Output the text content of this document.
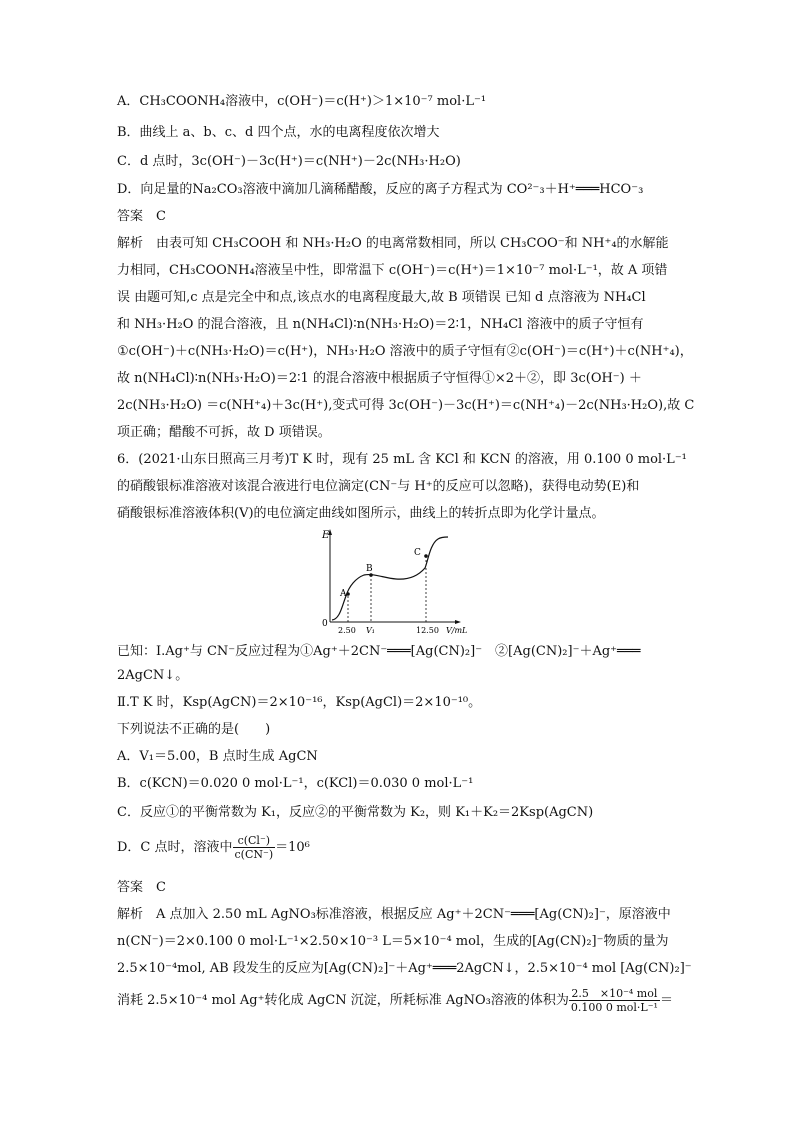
A．CH₃COONH₄溶液中，c(OH⁻)＝c(H⁺)＞1×10⁻⁷ mol·L⁻¹
B．曲线上 a、b、c、d 四个点，水的电离程度依次增大
C．d 点时，3c(OH⁻)－3c(H⁺)＝c(NH⁺)－2c(NH₃·H₂O)
D．向足量的Na₂CO₃溶液中滴加几滴稀醋酸，反应的离子方程式为 CO²⁻₃＋H⁺═══HCO⁻₃
答案　C
解析　由表可知 CH₃COOH 和 NH₃·H₂O 的电离常数相同，所以 CH₃COO⁻和 NH⁺₄的水解能
力相同，CH₃COONH₄溶液呈中性，即常温下 c(OH⁻)＝c(H⁺)＝1×10⁻⁷ mol·L⁻¹，故 A 项错
误 由题可知,c 点是完全中和点,该点水的电离程度最大,故 B 项错误 已知 d 点溶液为 NH₄Cl
和 NH₃·H₂O 的混合溶液，且 n(NH₄Cl)∶n(NH₃·H₂O)＝2∶1，NH₄Cl 溶液中的质子守恒有
①c(OH⁻)＋c(NH₃·H₂O)＝c(H⁺)，NH₃·H₂O 溶液中的质子守恒有②c(OH⁻)＝c(H⁺)＋c(NH⁺₄)，
故 n(NH₄Cl)∶n(NH₃·H₂O)＝2∶1 的混合溶液中根据质子守恒得①×2＋②，即 3c(OH⁻) ＋
2c(NH₃·H₂O) ＝c(NH⁺₄)＋3c(H⁺),变式可得 3c(OH⁻)－3c(H⁺)＝c(NH⁺₄)－2c(NH₃·H₂O),故 C
项正确；醋酸不可拆，故 D 项错误。
6．(2021·山东日照高三月考)T K 时，现有 25 mL 含 KCl 和 KCN 的溶液，用 0.100 0 mol·L⁻¹
的硝酸银标准溶液对该混合液进行电位滴定(CN⁻与 H⁺的反应可以忽略)，获得电动势(E)和
硝酸银标准溶液体积(V)的电位滴定曲线如图所示，曲线上的转折点即为化学计量点。
E
0
A
B
C
2.50 V₁	12.50 V/mL
已知：Ⅰ.Ag⁺与 CN⁻反应过程为①Ag⁺＋2CN⁻═══[Ag(CN)₂]⁻　②[Ag(CN)₂]⁻＋Ag⁺═══
2AgCN↓。
Ⅱ.T K 时，Ksp(AgCN)＝2×10⁻¹⁶，Ksp(AgCl)＝2×10⁻¹⁰。
下列说法不正确的是(　　)
A．V₁＝5.00，B 点时生成 AgCN
B．c(KCN)＝0.020 0 mol·L⁻¹，c(KCl)＝0.030 0 mol·L⁻¹
C．反应①的平衡常数为 K₁，反应②的平衡常数为 K₂，则 K₁＋K₂＝2Ksp(AgCN)
D．C 点时，溶液中 $\frac{c(Cl^-)}{c(CN^-)} =10^6$
答案　C
解析　A 点加入 2.50 mL AgNO₃标准溶液，根据反应 Ag⁺＋2CN⁻═══[Ag(CN)₂]⁻，原溶液中
n(CN⁻)＝2×0.100 0 mol·L⁻¹×2.50×10⁻³ L＝5×10⁻⁴ mol，生成的[Ag(CN)₂]⁻物质的量为
2.5×10⁻⁴mol, AB 段发生的反应为[Ag(CN)₂]⁻＋Ag⁺═══2AgCN↓，2.5×10⁻⁴ mol [Ag(CN)₂]⁻
消耗 2.5×10⁻⁴ mol Ag⁺转化成 AgCN 沉淀，所耗标准 AgNO₃溶液的体积为 $\frac{\text{2.5　×10⁻⁴ mol}}{\text{0.100 0 mol·L⁻¹}}$ ＝
